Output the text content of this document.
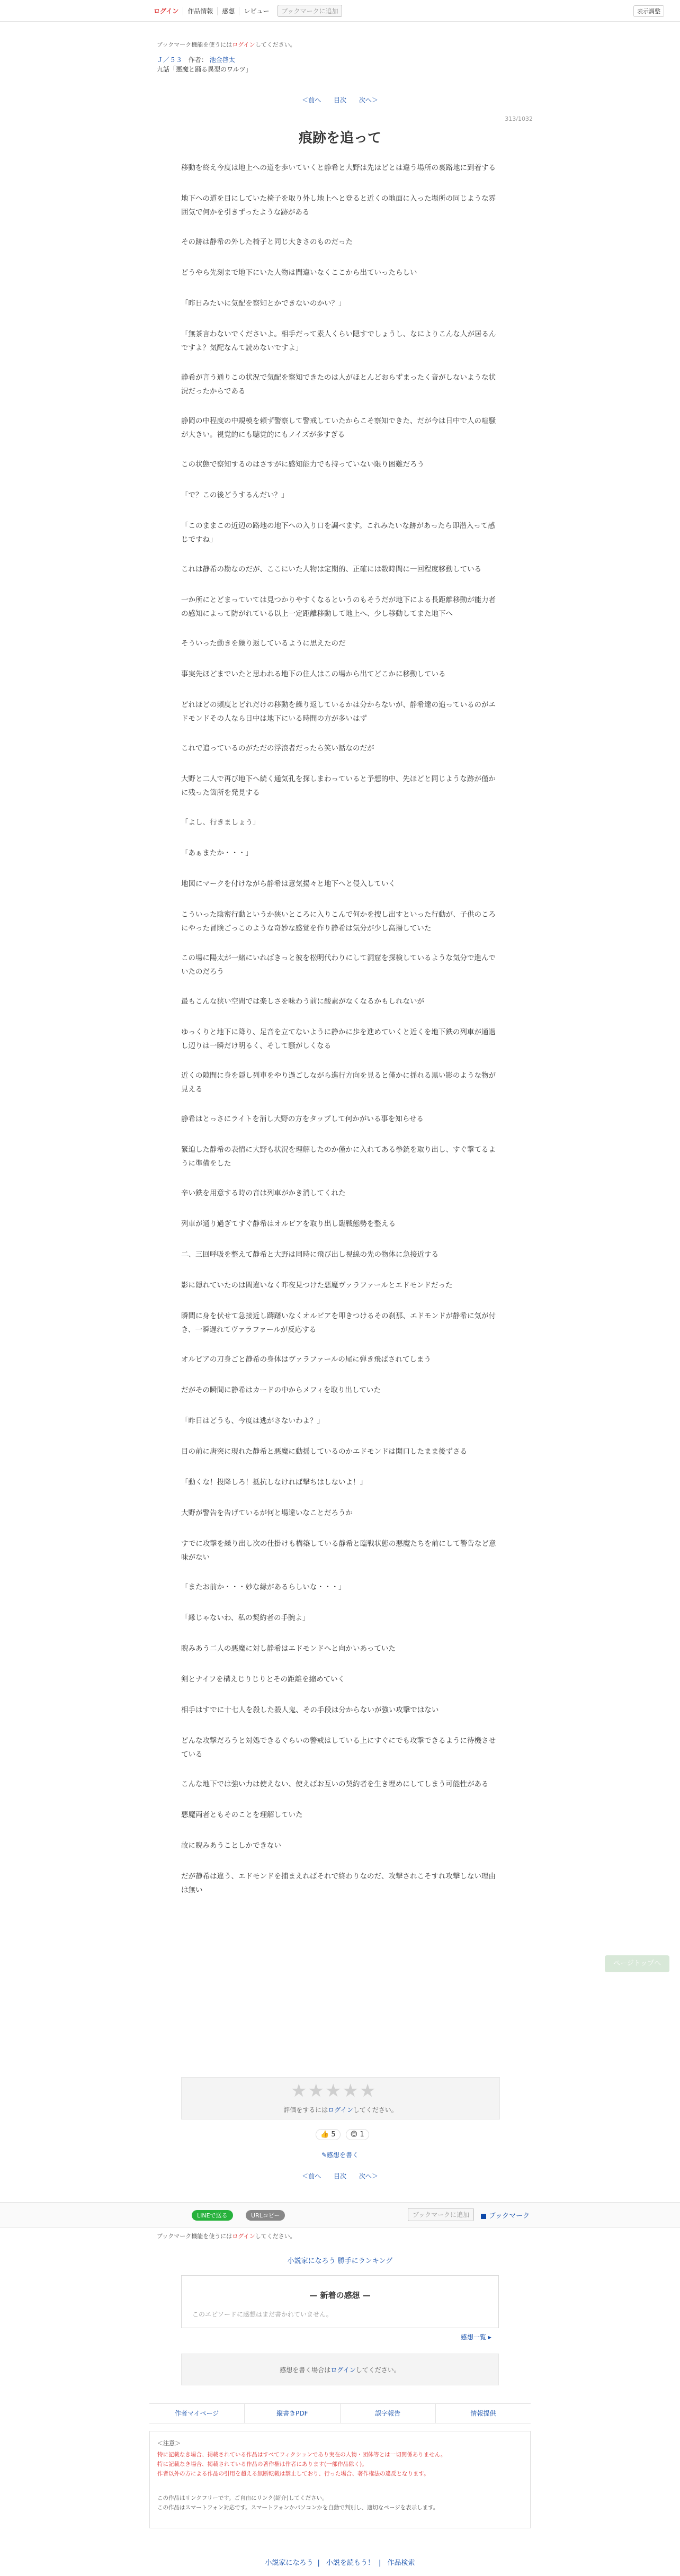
ログイン	作品情報	感想	レビュー	ブックマークに追加	表示調整
ブックマーク機能を使うにはログインしてください。
Ｊ／５３ 作者： 池金啓太
九話「悪魔と踊る異型のワルツ」
＜前へ 目次 次へ＞
313/1032
痕跡を追って

移動を終え今度は地上への道を歩いていくと静希と大野は先ほどとは違う場所の裏路地に到着する

地下への道を目にしていた椅子を取り外し地上へと登ると近くの地面に入った場所の同じような雰囲気で何かを引きずったような跡がある

その跡は静希の外した椅子と同じ大きさのものだった

どうやら先刻まで地下にいた人物は間違いなくここから出ていったらしい

「昨日みたいに気配を察知とかできないのかい？」

「無茶言わないでくださいよ。相手だって素人くらい隠すでしょうし、なによりこんな人が居るんですよ？気配なんて読めないですよ」

静希が言う通りこの状況で気配を察知できたのは人がほとんどおらずまったく音がしないような状況だったからである

静岡の中程度の中規模を頼ず警察して警戒していたからこそ察知できた、だが今は日中で人の喧騒が大きい。視覚的にも聴覚的にもノイズが多すぎる

この状態で察知するのはさすがに感知能力でも持っていない限り困難だろう

「で？この後どうするんだい？」

「このままこの近辺の路地の地下への入り口を調べます。これみたいな跡があったら即潜入って感じですね」

これは静希の勘なのだが、ここにいた人物は定期的、正確には数時間に一回程度移動している

一か所にとどまっていては見つかりやすくなるというのもそうだが地下による長距離移動が能力者の感知によって防がれている以上一定距離移動して地上へ、少し移動してまた地下へ

そういった動きを繰り返しているように思えたのだ

事実先ほどまでいたと思われる地下の住人はこの場から出てどこかに移動している

どれほどの頻度とどれだけの移動を繰り返しているかは分からないが、静希達の追っているのがエドモンドその人なら日中は地下にいる時間の方が多いはず

これで追っているのがただの浮浪者だったら笑い話なのだが

大野と二人で再び地下へ続く通気孔を探しまわっていると予想的中、先ほどと同じような跡が僅かに残った箇所を発見する

「よし、行きましょう」

「あぁまたか・・・」

地図にマークを付けながら静希は意気揚々と地下へと侵入していく

こういった陰密行動というか狭いところに入りこんで何かを捜し出すといった行動が、子供のころにやった冒険ごっこのような奇妙な感覚を作り静希は気分が少し高揚していた

この場に陽太が一緒にいればきっと彼を松明代わりにして洞窟を探検しているような気分で進んでいたのだろう

最もこんな狭い空間では楽しさを味わう前に酸素がなくなるかもしれないが

ゆっくりと地下に降り、足音を立てないように静かに歩を進めていくと近くを地下鉄の列車が通過し辺りは一瞬だけ明るく、そして騒がしくなる

近くの隙間に身を隠し列車をやり過ごしながら進行方向を見ると僅かに揺れる黒い影のような物が見える

静希はとっさにライトを消し大野の方をタップして何かがいる事を知らせる

緊迫した静希の表情に大野も状況を理解したのか僅かに入れてある拳銃を取り出し、すぐ撃てるように準備をした

辛い鉄を用意する時の音は列車がかき消してくれた

列車が通り過ぎてすぐ静希はオルビアを取り出し臨戦態勢を整える

二、三回呼吸を整えて静希と大野は同時に飛び出し視線の先の物体に急接近する

影に隠れていたのは間違いなく昨夜見つけた悪魔ヴァラファールとエドモンドだった

瞬間に身を伏せて急接近し躊躇いなくオルビアを叩きつけるその刹那、エドモンドが静希に気が付き、一瞬遅れてヴァラファールが反応する

オルビアの刀身ごと静希の身体はヴァラファールの尾に弾き飛ばされてしまう

だがその瞬間に静希はカードの中からメフィを取り出していた

「昨日はどうも、今度は逃がさないわよ？」

目の前に唐突に現れた静希と悪魔に動揺しているのかエドモンドは開口したまま後ずさる

「動くな！投降しろ！抵抗しなければ撃ちはしないよ！」

大野が警告を告げているが何と場違いなことだろうか

すでに攻撃を繰り出し次の仕掛けも構築している静希と臨戦状態の悪魔たちを前にして警告など意味がない

「またお前か・・・妙な縁があるらしいな・・・」

「縁じゃないわ、私の契約者の手腕よ」

睨みあう二人の悪魔に対し静希はエドモンドへと向かいあっていた

剣とナイフを構えじりじりとその距離を縮めていく

相手はすでに十七人を殺した殺人鬼、その手段は分からないが強い攻撃ではない

どんな攻撃だろうと対処できるぐらいの警戒はしている上にすぐにでも攻撃できるように待機させている

こんな地下では強い力は使えない、使えばお互いの契約者を生き埋めにしてしまう可能性がある

悪魔両者ともそのことを理解していた

故に睨みあうことしかできない

だが静希は違う、エドモンドを捕まえればそれで終わりなのだ、攻撃されこそすれ攻撃しない理由は無い

ページトップへ
★★★★★
評価をするにはログインしてください。
👍 5	😊 1
✎感想を書く
＜前へ 目次 次へ＞
LINEで送る	URLコピー	ブックマークに追加	ブックマーク
ブックマーク機能を使うにはログインしてください。
小説家になろう 勝手にランキング
— 新着の感想 —
このエピソードに感想はまだ書かれていません。
感想一覧 ▸
感想を書く場合はログインしてください。
作者マイページ	縦書きPDF	誤字報告	情報提供
＜注意＞
特に記載なき場合、掲載されている作品はすべてフィクションであり実在の人物・団体等とは一切関係ありません。
特に記載なき場合、掲載されている作品の著作権は作者にあります(一部作品除く)。
作者以外の方による作品の引用を超える無断転載は禁止しており、行った場合、著作権法の違反となります。
この作品はリンクフリーです。ご自由にリンク(紹介)してください。
この作品はスマートフォン対応です。スマートフォンかパソコンかを自動で判別し、適切なページを表示します。
小説家になろう | 小説を読もう！ | 作品検索
